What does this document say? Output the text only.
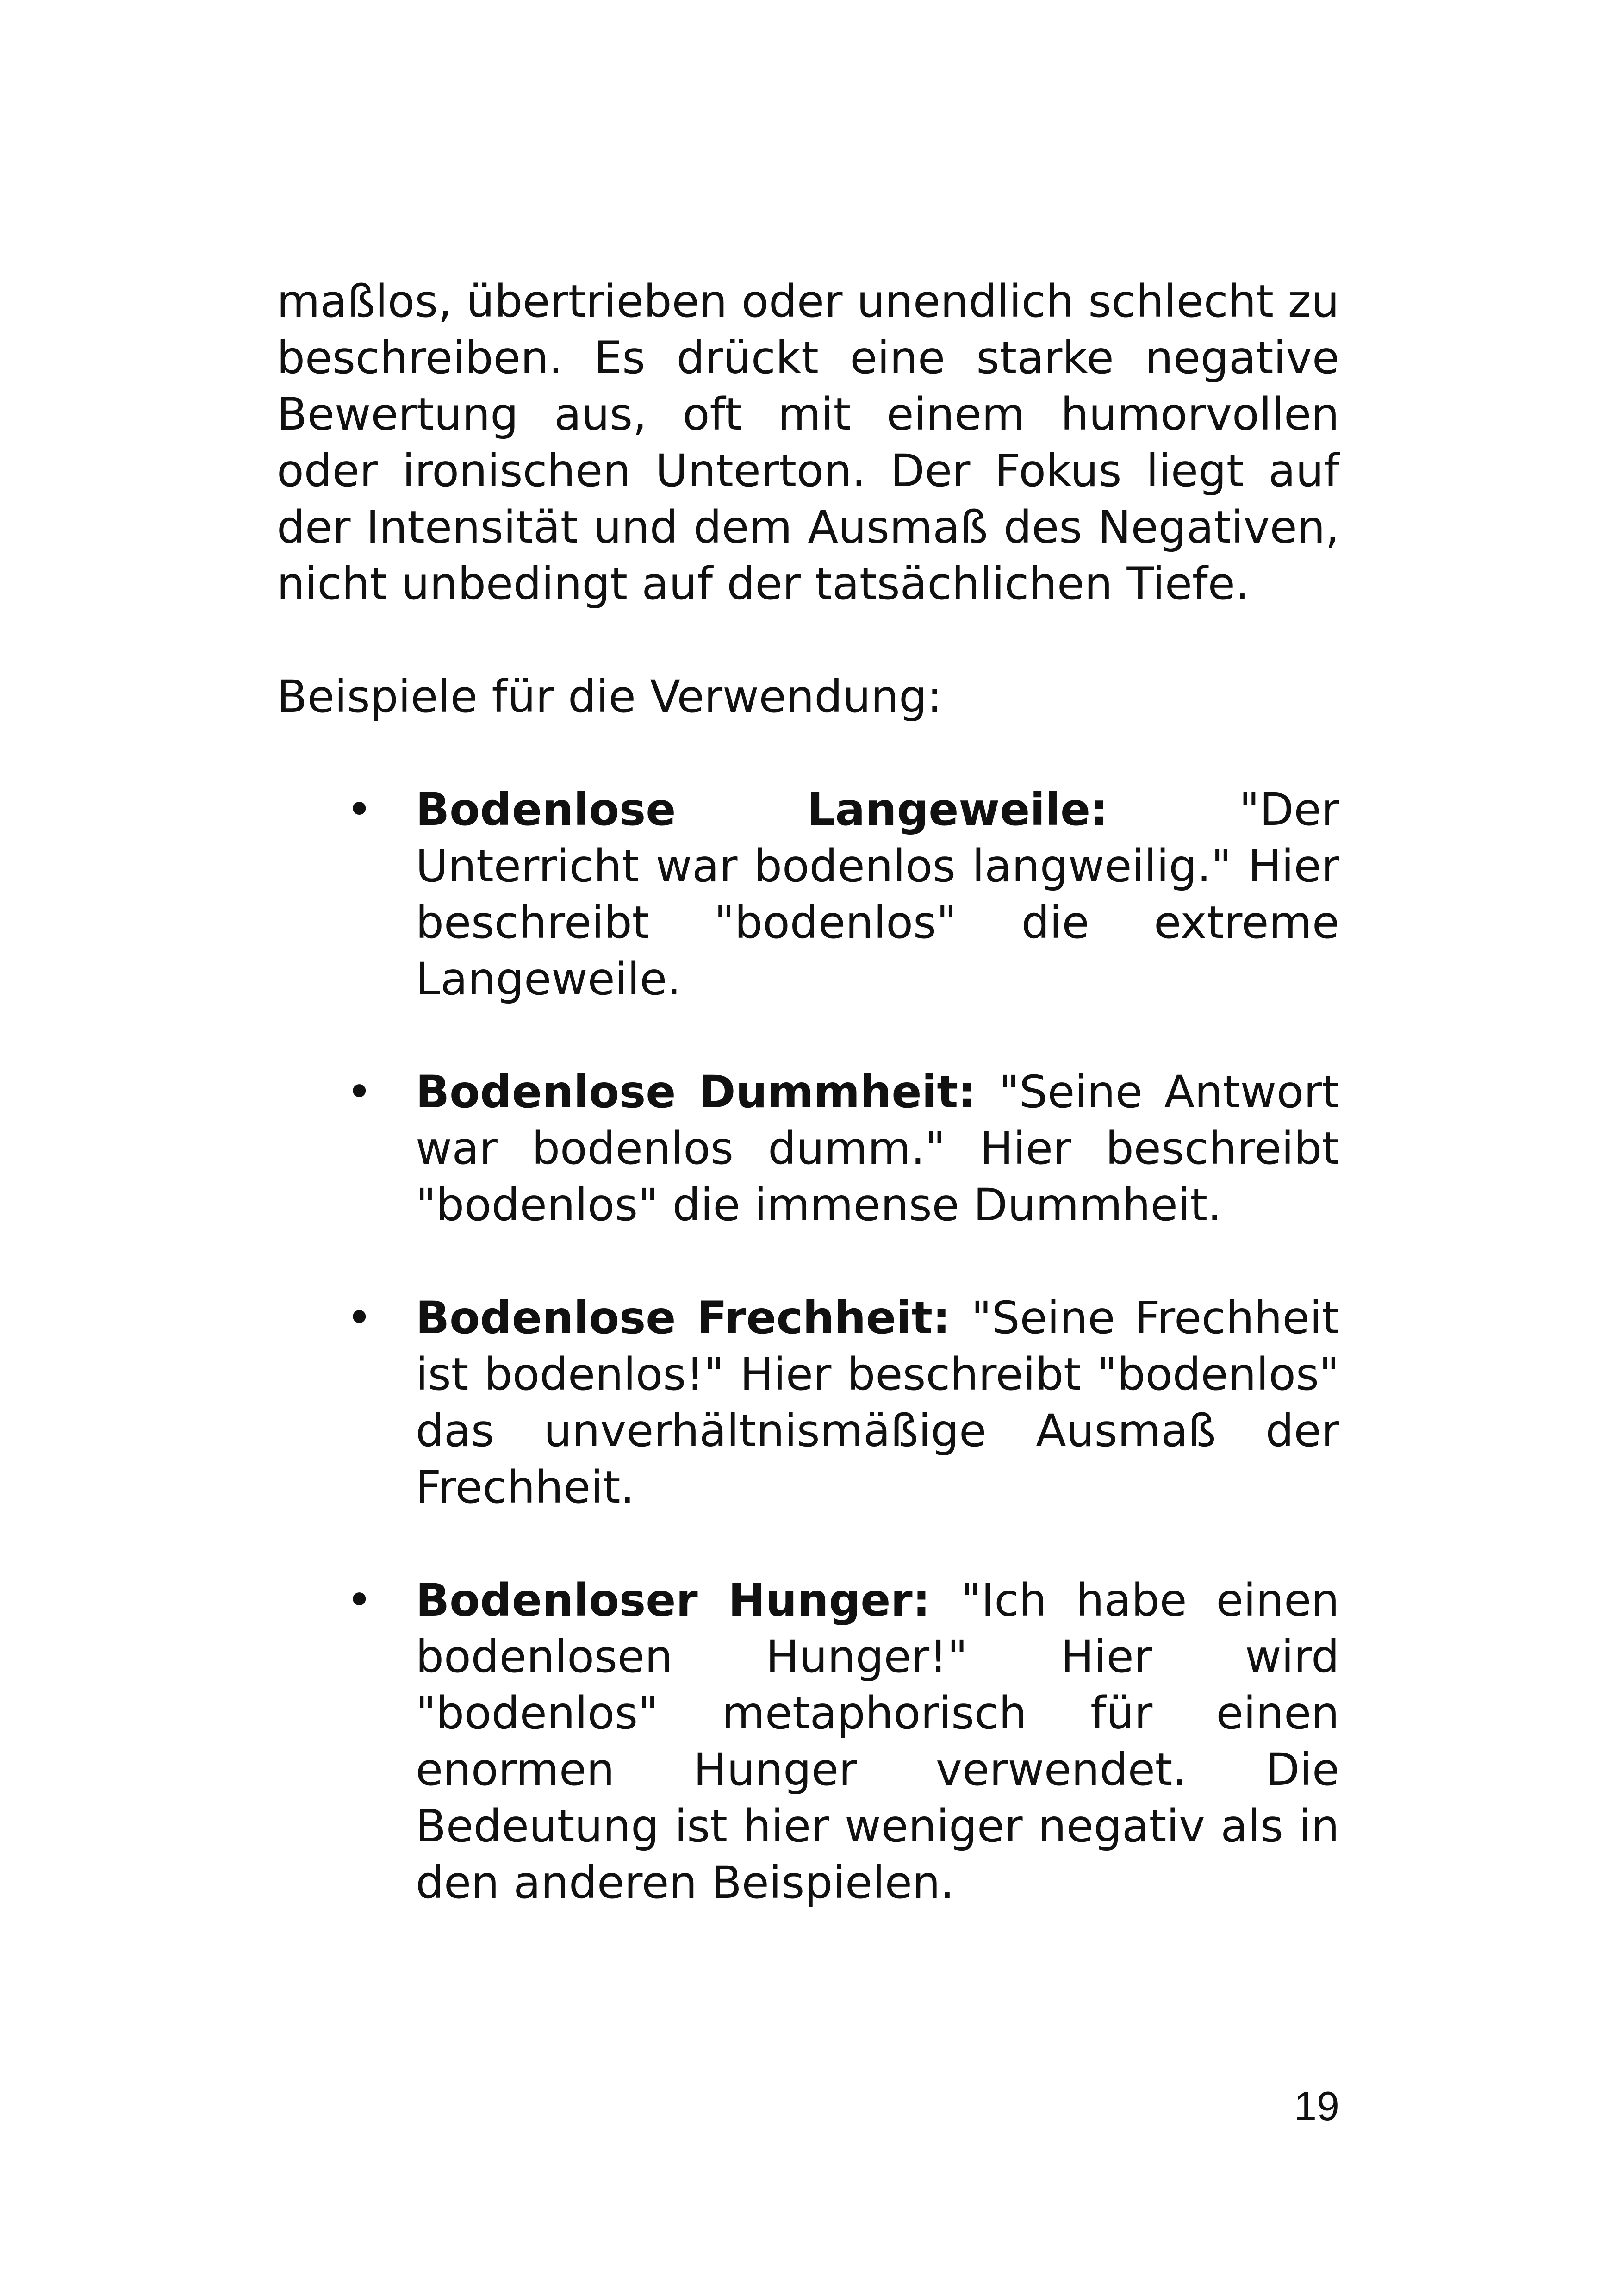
maßlos, übertrieben oder unendlich schlecht zu beschreiben. Es drückt eine starke negative Bewertung aus, oft mit einem humorvollen oder ironischen Unterton. Der Fokus liegt auf der Intensität und dem Ausmaß des Negativen, nicht unbedingt auf der tatsächlichen Tiefe.

Beispiele für die Verwendung:

• Bodenlose Langeweile: "Der Unterricht war bodenlos langweilig." Hier beschreibt "bodenlos" die extreme Langeweile.
• Bodenlose Dummheit: "Seine Antwort war bodenlos dumm." Hier beschreibt "bodenlos" die immense Dummheit.
• Bodenlose Frechheit: "Seine Frechheit ist bodenlos!" Hier beschreibt "bodenlos" das unverhältnismäßige Ausmaß der Frechheit.
• Bodenloser Hunger: "Ich habe einen bodenlosen Hunger!" Hier wird "bodenlos" metaphorisch für einen enormen Hunger verwendet. Die Bedeutung ist hier weniger negativ als in den anderen Beispielen.
19
